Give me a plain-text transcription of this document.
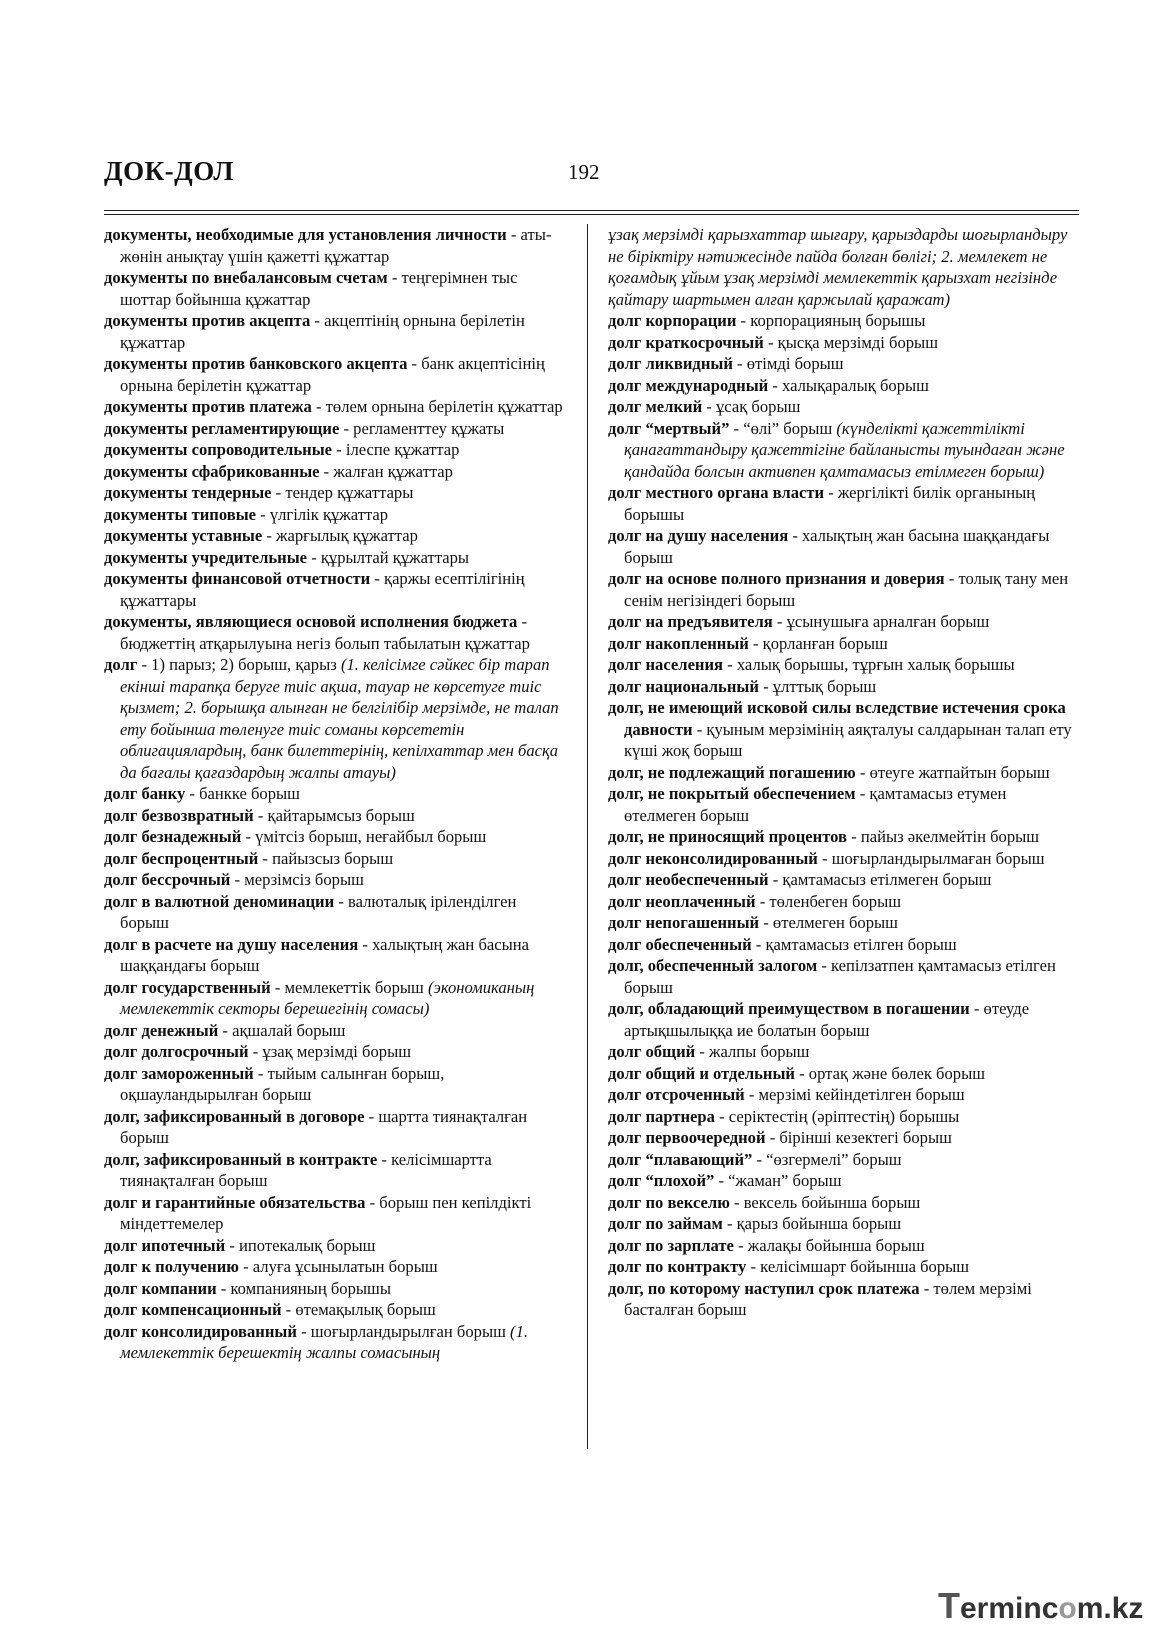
ДОК-ДОЛ	192

документы, необходимые для установления личности - аты-жөнін анықтау үшін қажетті құжаттар

документы по внебалансовым счетам - теңгерімнен тыс шоттар бойынша құжаттар

документы против акцепта - акцептінің орнына берілетін құжаттар

документы против банковского акцепта - банк акцептісінің орнына берілетін құжаттар

документы против платежа - төлем орнына берілетін құжаттар

документы регламентирующие - регламенттеу құжаты

документы сопроводительные - ілеспе құжаттар

документы сфабрикованные - жалған құжаттар

документы тендерные - тендер құжаттары

документы типовые - үлгілік құжаттар

документы уставные - жарғылық құжаттар

документы учредительные - құрылтай құжаттары

документы финансовой отчетности - қаржы есептілігінің құжаттары

документы, являющиеся основой исполнения бюджета - бюджеттің атқарылуына негіз болып табылатын құжаттар

долг - 1) парыз; 2) борыш, қарыз (1. келісімге сәйкес бір тарап екінші тарапқа беруге тиіс ақша, тауар не көрсетуге тиіс қызмет; 2. борышқа алынған не белгілібір мерзімде, не талап ету бойынша төленуге тиіс соманы көрсететін облигациялардың, банк билеттерінің, кепілхаттар мен басқа да бағалы қағаздардың жалпы атауы)

долг банку - банкке борыш

долг безвозвратный - қайтарымсыз борыш

долг безнадежный - үмітсіз борыш, неғайбыл борыш

долг беспроцентный - пайызсыз борыш

долг бессрочный - мерзімсіз борыш

долг в валютной деноминации - валюталық іріленділген борыш

долг в расчете на душу населения - халықтың жан басына шаққандағы борыш

долг государственный - мемлекеттік борыш (экономиканың мемлекеттік секторы берешегінің сомасы)

долг денежный - ақшалай борыш

долг долгосрочный - ұзақ мерзімді борыш

долг замороженный - тыйым салынған борыш, оқшауландырылған борыш

долг, зафиксированный в договоре - шартта тиянақталған борыш

долг, зафиксированный в контракте - келісімшартта тиянақталған борыш

долг и гарантийные обязательства - борыш пен кепілдікті міндеттемелер

долг ипотечный - ипотекалық борыш

долг к получению - алуға ұсынылатын борыш

долг компании - компанияның борышы

долг компенсационный - өтемақылық борыш

долг консолидированный - шоғырландырылған борыш (1. мемлекеттік берешектің жалпы сомасының

ұзақ мерзімді қарызхаттар шығару, қарыздарды шоғырландыру не біріктіру нәтижесінде пайда болған бөлігі; 2. мемлекет не қоғамдық ұйым ұзақ мерзімді мемлекеттік қарызхат негізінде қайтару шартымен алған қаржылай қаражат)

долг корпорации - корпорацияның борышы

долг краткосрочный - қысқа мерзімді борыш

долг ликвидный - өтімді борыш

долг международный - халықаралық борыш

долг мелкий - ұсақ борыш

долг “мертвый” - “өлі” борыш (күнделікті қажеттілікті қанағаттандыру қажеттігіне байланысты туындаған және қандайда болсын активпен қамтамасыз етілмеген борыш)

долг местного органа власти - жергілікті билік органының борышы

долг на душу населения - халықтың жан басына шаққандағы борыш

долг на основе полного признания и доверия - толық тану мен сенім негізіндегі борыш

долг на предъявителя - ұсынушыға арналған борыш

долг накопленный - қорланған борыш

долг населения - халық борышы, тұрғын халық борышы

долг национальный - ұлттық борыш

долг, не имеющий исковой силы вследствие истечения срока давности - қуыным мерзімінің аяқталуы салдарынан талап ету күші жоқ борыш

долг, не подлежащий погашению - өтеуге жатпайтын борыш

долг, не покрытый обеспечением - қамтамасыз етумен өтелмеген борыш

долг, не приносящий процентов - пайыз әкелмейтін борыш

долг неконсолидированный - шоғырландырылмаған борыш

долг необеспеченный - қамтамасыз етілмеген борыш

долг неоплаченный - төленбеген борыш

долг непогашенный - өтелмеген борыш

долг обеспеченный - қамтамасыз етілген борыш

долг, обеспеченный залогом - кепілзатпен қамтамасыз етілген борыш

долг, обладающий преимуществом в погашении - өтеуде артықшылыққа ие болатын борыш

долг общий - жалпы борыш

долг общий и отдельный - ортақ және бөлек борыш

долг отсроченный - мерзімі кейіндетілген борыш

долг партнера - серіктестің (әріптестің) борышы

долг первоочередной - бірінші кезектегі борыш

долг “плавающий” - “өзгермелі” борыш

долг “плохой” - “жаман” борыш

долг по векселю - вексель бойынша борыш

долг по займам - қарыз бойынша борыш

долг по зарплате - жалақы бойынша борыш

долг по контракту - келісімшарт бойынша борыш

долг, по которому наступил срок платежа - төлем мерзімі басталған борыш

Termincom.kz
